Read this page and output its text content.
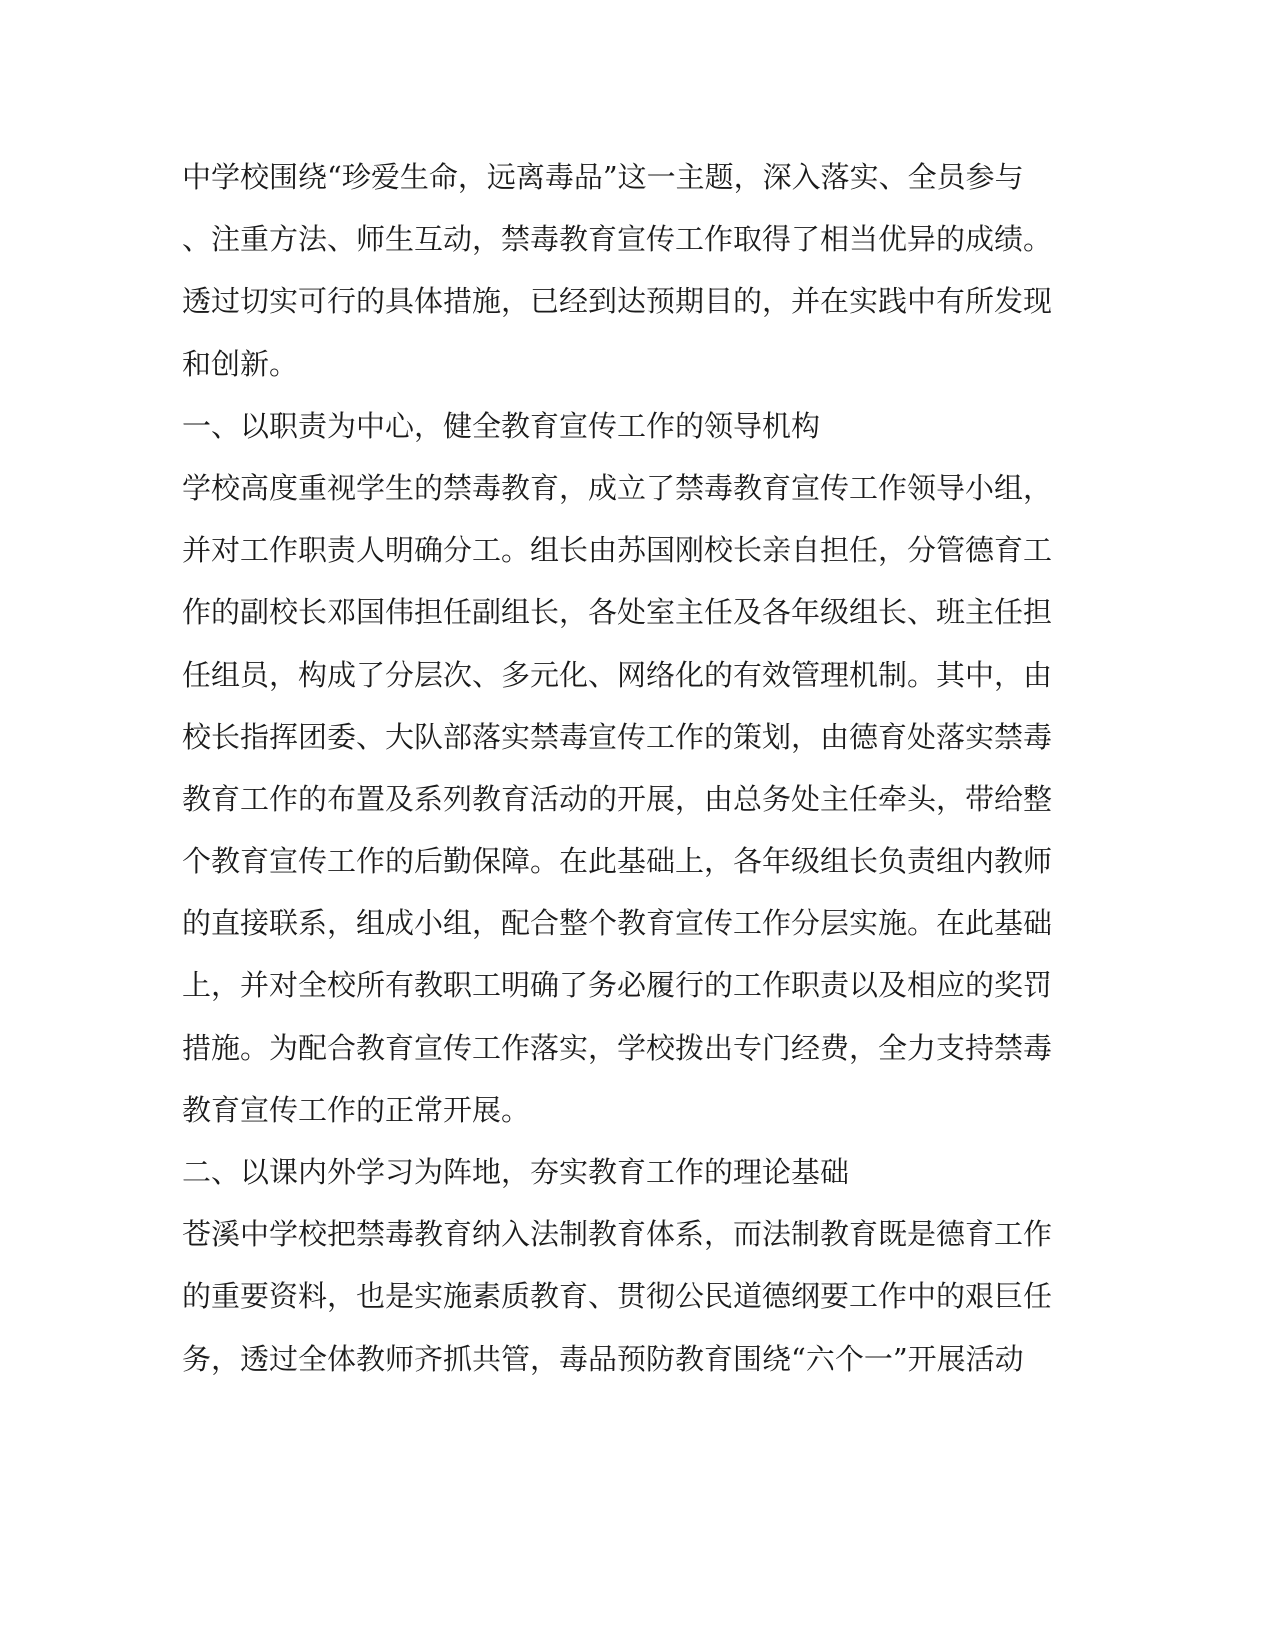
中学校围绕“珍爱生命，远离毒品”这一主题，深入落实、全员参与
、注重方法、师生互动，禁毒教育宣传工作取得了相当优异的成绩。
透过切实可行的具体措施，已经到达预期目的，并在实践中有所发现
和创新。
一、以职责为中心，健全教育宣传工作的领导机构
学校高度重视学生的禁毒教育，成立了禁毒教育宣传工作领导小组，
并对工作职责人明确分工。组长由苏国刚校长亲自担任，分管德育工
作的副校长邓国伟担任副组长，各处室主任及各年级组长、班主任担
任组员，构成了分层次、多元化、网络化的有效管理机制。其中，由
校长指挥团委、大队部落实禁毒宣传工作的策划，由德育处落实禁毒
教育工作的布置及系列教育活动的开展，由总务处主任牵头，带给整
个教育宣传工作的后勤保障。在此基础上，各年级组长负责组内教师
的直接联系，组成小组，配合整个教育宣传工作分层实施。在此基础
上，并对全校所有教职工明确了务必履行的工作职责以及相应的奖罚
措施。为配合教育宣传工作落实，学校拨出专门经费，全力支持禁毒
教育宣传工作的正常开展。
二、以课内外学习为阵地，夯实教育工作的理论基础
苍溪中学校把禁毒教育纳入法制教育体系，而法制教育既是德育工作
的重要资料，也是实施素质教育、贯彻公民道德纲要工作中的艰巨任
务，透过全体教师齐抓共管，毒品预防教育围绕“六个一”开展活动
